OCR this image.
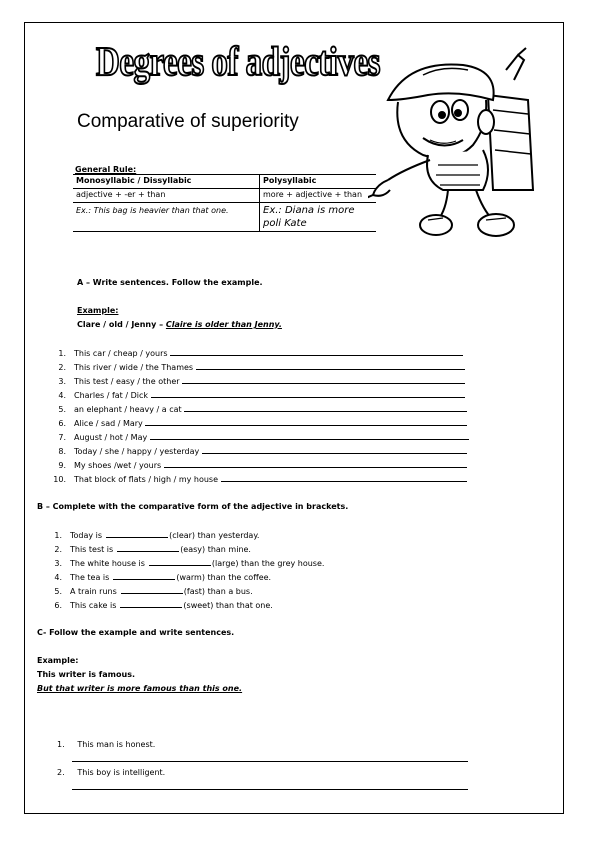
Degrees of adjectives
Comparative of superiority
General Rule:
Monosyllabic / Dissyllabic	Polysyllabic
adjective + -er + than	more + adjective + than
Ex.: This bag is heavier than that one.	Ex.: Diana is more poli Kate
A – Write sentences. Follow the example.
Example:
Clare / old / Jenny – Claire is older than Jenny.
1. This car / cheap / yours
2. This river / wide / the Thames
3. This test / easy / the other
4. Charles / fat / Dick
5. an elephant / heavy / a cat
6. Alice / sad / Mary
7. August / hot / May
8. Today / she / happy / yesterday
9. My shoes /wet / yours
10. That block of flats / high / my house
B – Complete with the comparative form of the adjective in brackets.
1. Today is	(clear) than yesterday.
2. This test is	(easy) than mine.
3. The white house is	(large) than the grey house.
4. The tea is	(warm) than the coffee.
5. A train runs	(fast) than a bus.
6. This cake is	(sweet) than that one.
C- Follow the example and write sentences.
Example:
This writer is famous.
But that writer is more famous than this one.
1. This man is honest.
2. This boy is intelligent.
